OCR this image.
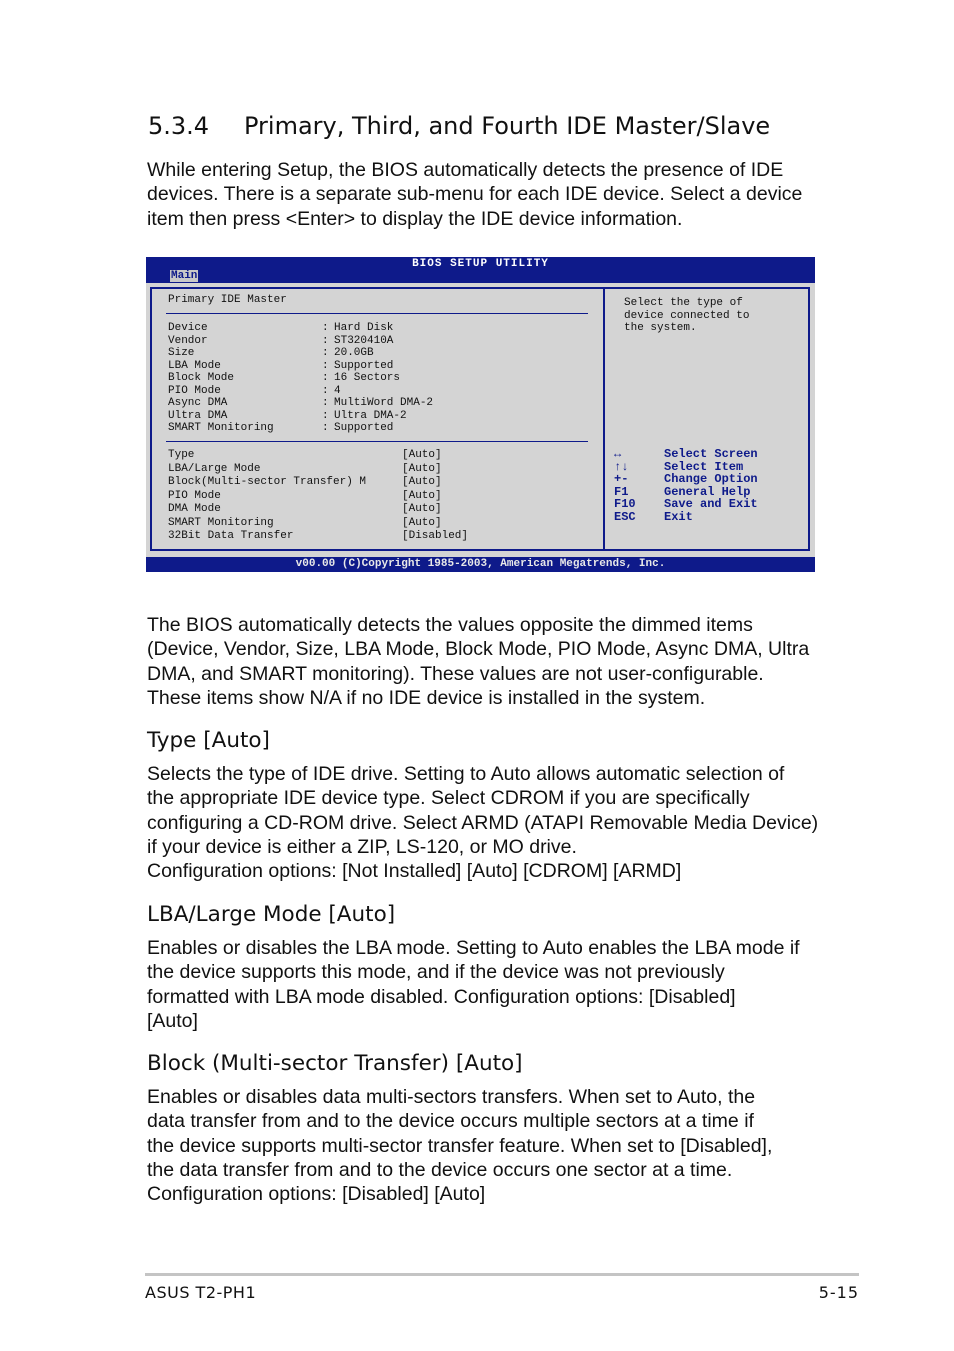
5.3.4 Primary, Third, and Fourth IDE Master/Slave

While entering Setup, the BIOS automatically detects the presence of IDE
devices. There is a separate sub-menu for each IDE device. Select a device
item then press <Enter> to display the IDE device information.

BIOS SETUP UTILITY
Main
Primary IDE Master
Device	: Hard Disk
Vendor	: ST320410A
Size	: 20.0GB
LBA Mode	: Supported
Block Mode	: 16 Sectors
PIO Mode	: 4
Async DMA	: MultiWord DMA-2
Ultra DMA	: Ultra DMA-2
SMART Monitoring	: Supported
Type	[Auto]
LBA/Large Mode	[Auto]
Block(Multi-sector Transfer) M	[Auto]
PIO Mode	[Auto]
DMA Mode	[Auto]
SMART Monitoring	[Auto]
32Bit Data Transfer	[Disabled]
Select the type of
device connected to
the system.
↔	Select Screen
↑↓	Select Item
+-	Change Option
F1	General Help
F10 Save and Exit
ESC Exit
v00.00 (C)Copyright 1985-2003, American Megatrends, Inc.

The BIOS automatically detects the values opposite the dimmed items
(Device, Vendor, Size, LBA Mode, Block Mode, PIO Mode, Async DMA, Ultra
DMA, and SMART monitoring). These values are not user-configurable.
These items show N/A if no IDE device is installed in the system.

Type [Auto]

Selects the type of IDE drive. Setting to Auto allows automatic selection of
the appropriate IDE device type. Select CDROM if you are specifically
configuring a CD-ROM drive. Select ARMD (ATAPI Removable Media Device)
if your device is either a ZIP, LS-120, or MO drive.
Configuration options: [Not Installed] [Auto] [CDROM] [ARMD]

LBA/Large Mode [Auto]

Enables or disables the LBA mode. Setting to Auto enables the LBA mode if
the device supports this mode, and if the device was not previously
formatted with LBA mode disabled. Configuration options: [Disabled]
[Auto]

Block (Multi-sector Transfer) [Auto]

Enables or disables data multi-sectors transfers. When set to Auto, the
data transfer from and to the device occurs multiple sectors at a time if
the device supports multi-sector transfer feature. When set to [Disabled],
the data transfer from and to the device occurs one sector at a time.
Configuration options: [Disabled] [Auto]

ASUS T2-PH1	5-15
